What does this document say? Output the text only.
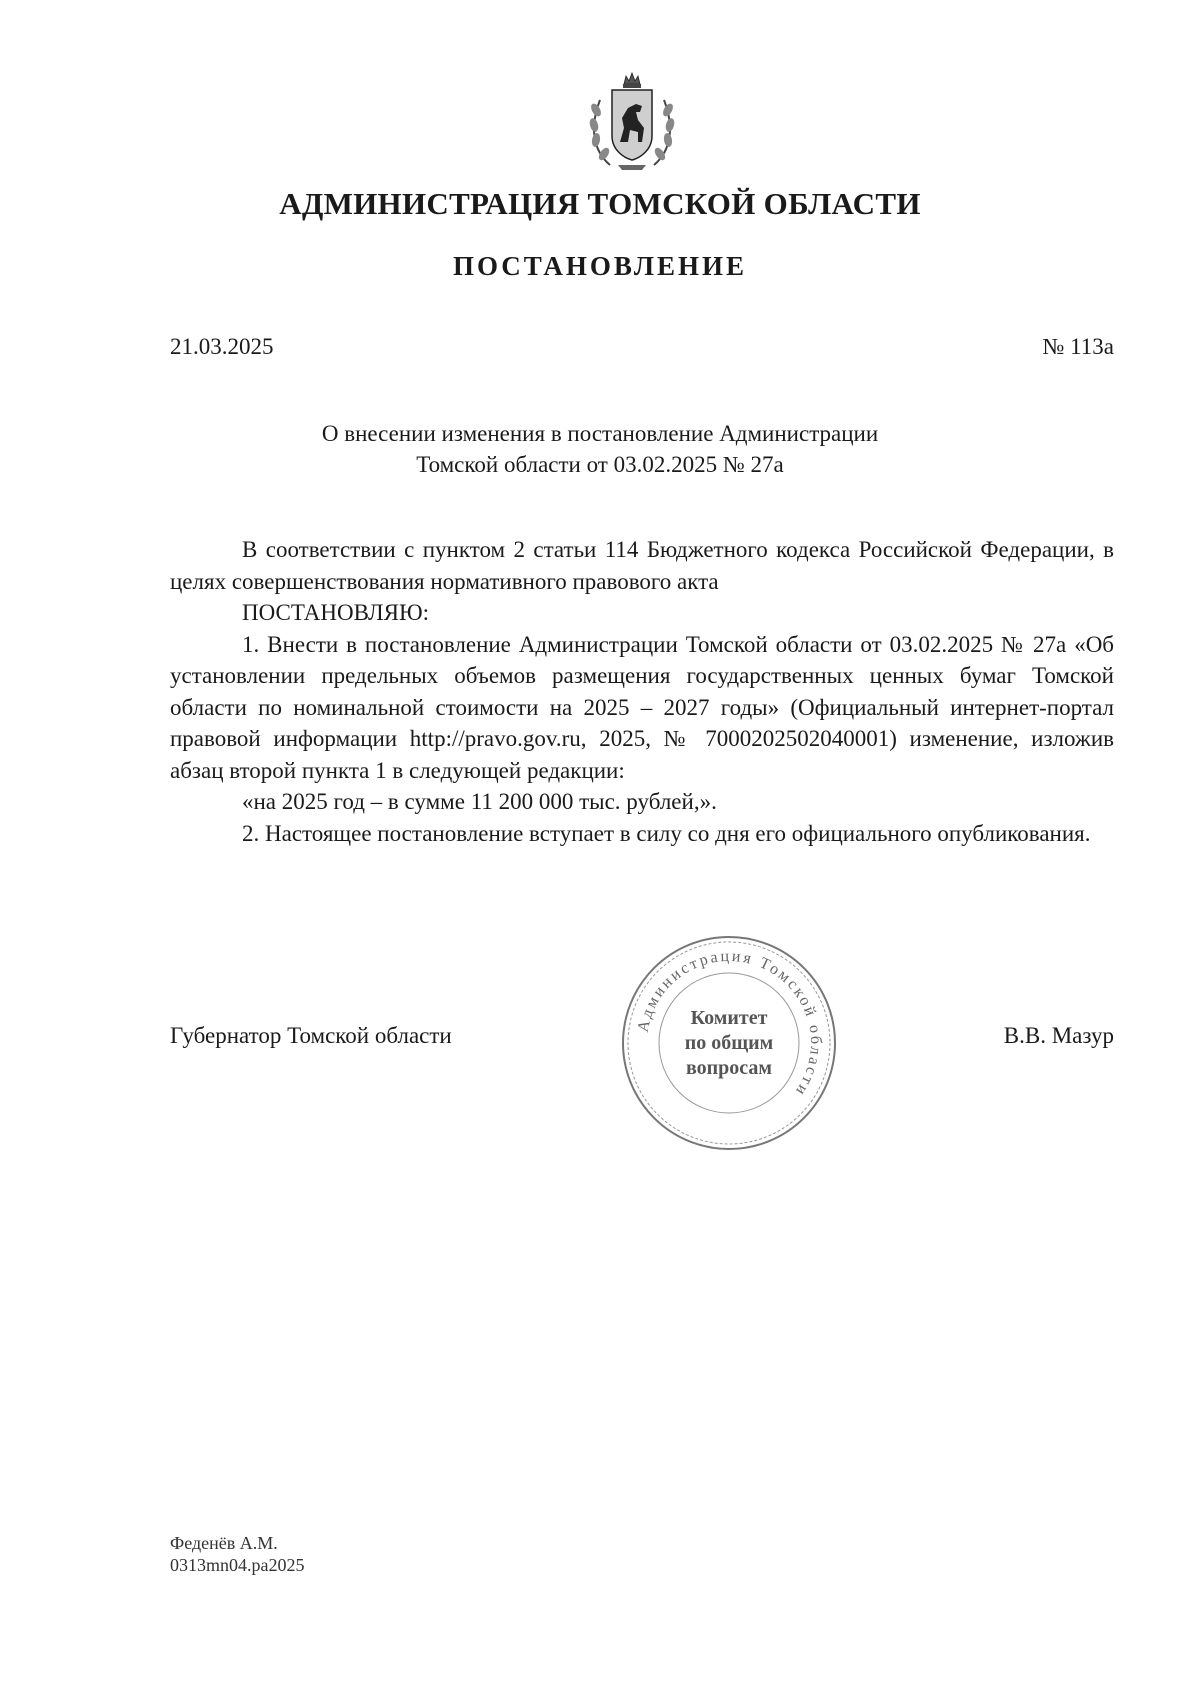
АДМИНИСТРАЦИЯ ТОМСКОЙ ОБЛАСТИ
ПОСТАНОВЛЕНИЕ
21.03.2025	№ 113а
О внесении изменения в постановление Администрации
Томской области от 03.02.2025 № 27а

В соответствии с пунктом 2 статьи 114 Бюджетного кодекса Российской Федерации, в целях совершенствования нормативного правового акта

ПОСТАНОВЛЯЮ:

1. Внести в постановление Администрации Томской области от 03.02.2025 № 27а «Об установлении предельных объемов размещения государственных ценных бумаг Томской области по номинальной стоимости на 2025 – 2027 годы» (Официальный интернет-портал правовой информации http://pravo.gov.ru, 2025, № 7000202502040001) изменение, изложив абзац второй пункта 1 в следующей редакции:

«на 2025 год – в сумме 11 200 000 тыс. рублей,».

2. Настоящее постановление вступает в силу со дня его официального опубликования.

Администрация Томской области
Комитет
по общим
вопросам
Губернатор Томской области	В.В. Мазур
Феденёв А.М.
0313mn04.pa2025
